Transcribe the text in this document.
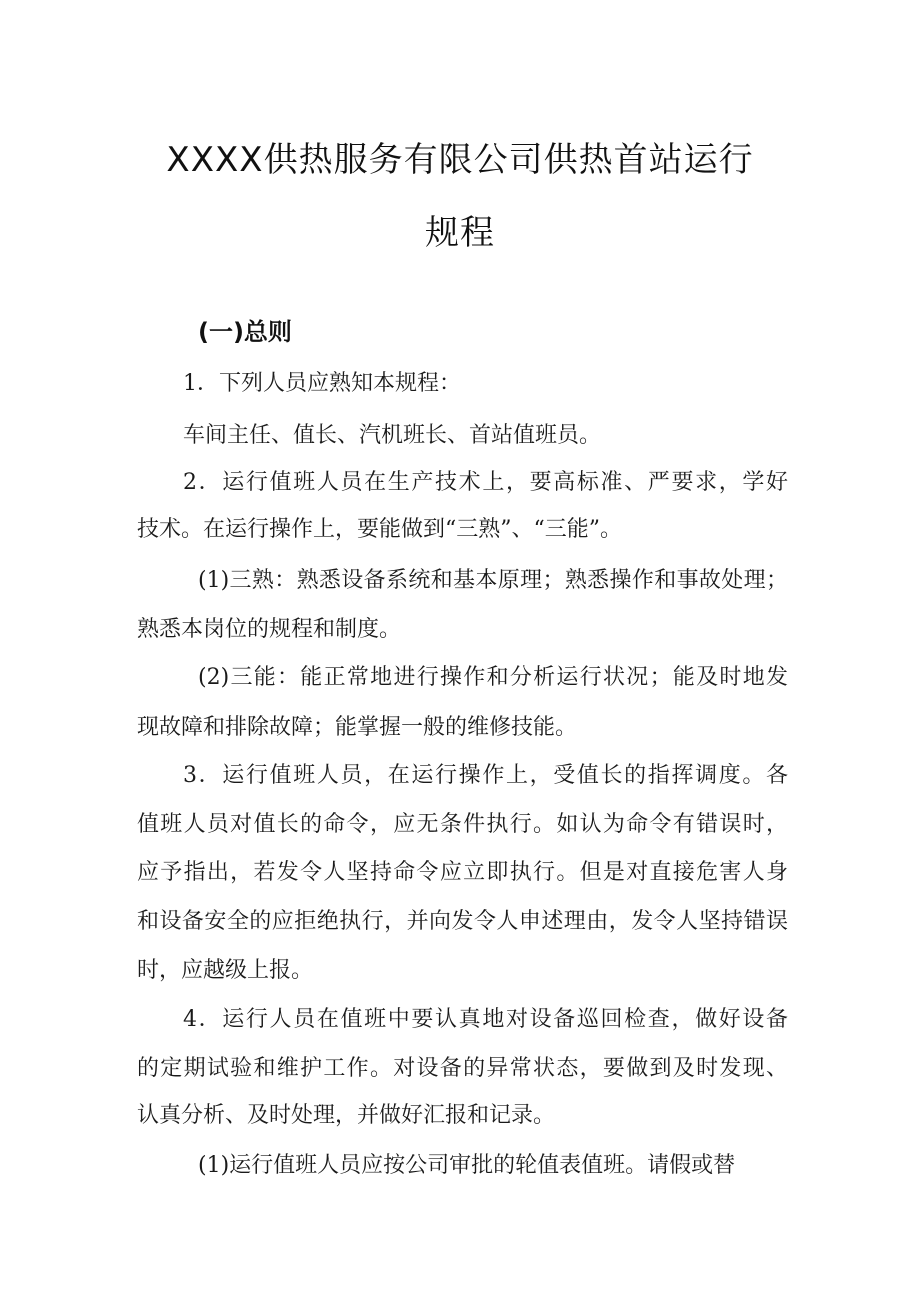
XXXX供热服务有限公司供热首站运行
规程
(一)总则
1．下列人员应熟知本规程：
车间主任、值长、汽机班长、首站值班员。
2．运行值班人员在生产技术上，要高标准、严要求，学好
技术。在运行操作上，要能做到“三熟”、“三能”。
(1)三熟：熟悉设备系统和基本原理；熟悉操作和事故处理；
熟悉本岗位的规程和制度。
(2)三能：能正常地进行操作和分析运行状况；能及时地发
现故障和排除故障；能掌握一般的维修技能。
3．运行值班人员，在运行操作上，受值长的指挥调度。各
值班人员对值长的命令，应无条件执行。如认为命令有错误时，
应予指出，若发令人坚持命令应立即执行。但是对直接危害人身
和设备安全的应拒绝执行，并向发令人申述理由，发令人坚持错误
时，应越级上报。
4．运行人员在值班中要认真地对设备巡回检查，做好设备
的定期试验和维护工作。对设备的异常状态，要做到及时发现、
认真分析、及时处理，并做好汇报和记录。
(1)运行值班人员应按公司审批的轮值表值班。请假或替
